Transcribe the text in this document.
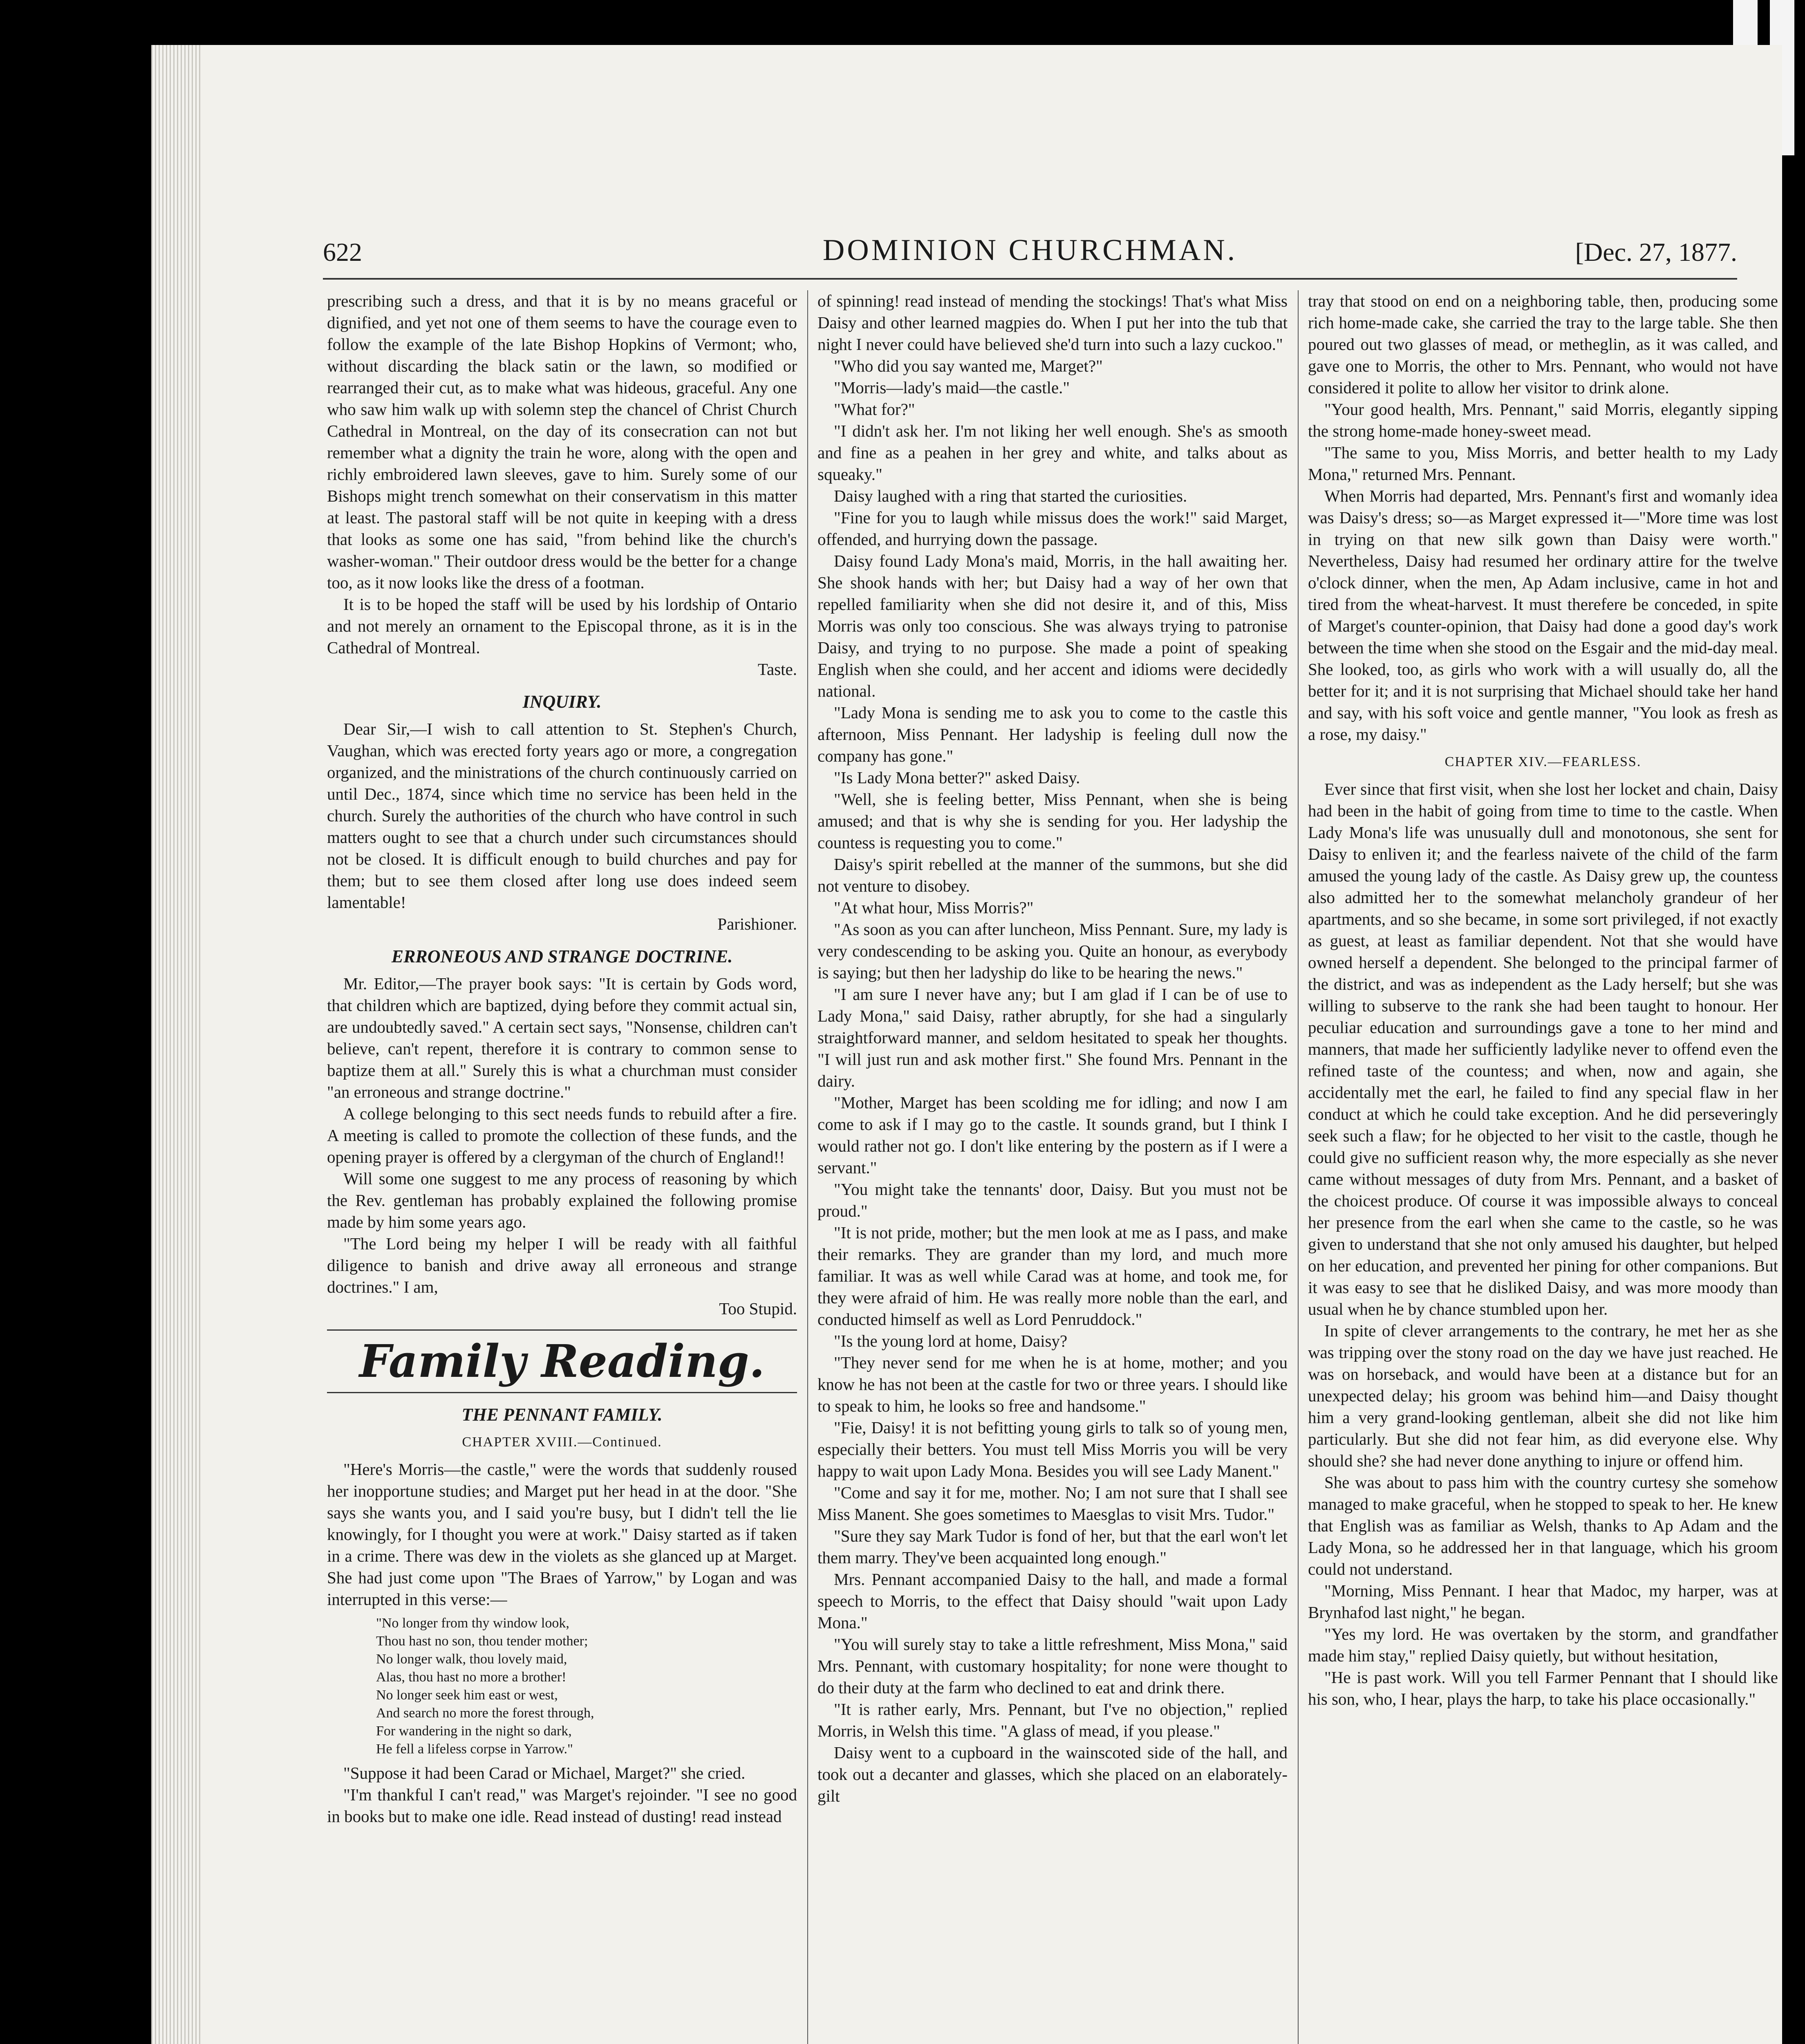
622	DOMINION CHURCHMAN.	[Dec. 27, 1877.

prescribing such a dress, and that it is by no means graceful or dignified, and yet not one of them seems to have the courage even to follow the example of the late Bishop Hopkins of Vermont; who, without discarding the black satin or the lawn, so modified or rearranged their cut, as to make what was hideous, graceful. Any one who saw him walk up with solemn step the chancel of Christ Church Cathedral in Montreal, on the day of its consecration can not but remember what a dignity the train he wore, along with the open and richly embroidered lawn sleeves, gave to him. Surely some of our Bishops might trench somewhat on their conservatism in this matter at least. The pastoral staff will be not quite in keeping with a dress that looks as some one has said, "from behind like the church's washer-woman." Their outdoor dress would be the better for a change too, as it now looks like the dress of a footman.

It is to be hoped the staff will be used by his lordship of Ontario and not merely an ornament to the Episcopal throne, as it is in the Cathedral of Montreal.

Taste.

INQUIRY.

Dear Sir,—I wish to call attention to St. Stephen's Church, Vaughan, which was erected forty years ago or more, a congregation organized, and the ministrations of the church continuously carried on until Dec., 1874, since which time no service has been held in the church. Surely the authorities of the church who have control in such matters ought to see that a church under such circumstances should not be closed. It is difficult enough to build churches and pay for them; but to see them closed after long use does indeed seem lamentable!

Parishioner.

ERRONEOUS AND STRANGE DOCTRINE.

Mr. Editor,—The prayer book says: "It is certain by Gods word, that children which are baptized, dying before they commit actual sin, are undoubtedly saved." A certain sect says, "Nonsense, children can't believe, can't repent, therefore it is contrary to common sense to baptize them at all." Surely this is what a churchman must consider "an erroneous and strange doctrine."

A college belonging to this sect needs funds to rebuild after a fire. A meeting is called to promote the collection of these funds, and the opening prayer is offered by a clergyman of the church of England!!

Will some one suggest to me any process of reasoning by which the Rev. gentleman has probably explained the following promise made by him some years ago.

"The Lord being my helper I will be ready with all faithful diligence to banish and drive away all erroneous and strange doctrines." I am,

Too Stupid.

Family Reading.
THE PENNANT FAMILY.
CHAPTER XVIII.—Continued.

"Here's Morris—the castle," were the words that suddenly roused her inopportune studies; and Marget put her head in at the door. "She says she wants you, and I said you're busy, but I didn't tell the lie knowingly, for I thought you were at work." Daisy started as if taken in a crime. There was dew in the violets as she glanced up at Marget. She had just come upon "The Braes of Yarrow," by Logan and was interrupted in this verse:—

"No longer from thy window look,
Thou hast no son, thou tender mother;
No longer walk, thou lovely maid,
Alas, thou hast no more a brother!
No longer seek him east or west,
And search no more the forest through,
For wandering in the night so dark,
He fell a lifeless corpse in Yarrow."

"Suppose it had been Carad or Michael, Marget?" she cried.

"I'm thankful I can't read," was Marget's rejoinder. "I see no good in books but to make one idle. Read instead of dusting! read instead

of spinning! read instead of mending the stockings! That's what Miss Daisy and other learned magpies do. When I put her into the tub that night I never could have believed she'd turn into such a lazy cuckoo."

"Who did you say wanted me, Marget?"

"Morris—lady's maid—the castle."

"What for?"

"I didn't ask her. I'm not liking her well enough. She's as smooth and fine as a peahen in her grey and white, and talks about as squeaky."

Daisy laughed with a ring that started the curiosities.

"Fine for you to laugh while missus does the work!" said Marget, offended, and hurrying down the passage.

Daisy found Lady Mona's maid, Morris, in the hall awaiting her. She shook hands with her; but Daisy had a way of her own that repelled familiarity when she did not desire it, and of this, Miss Morris was only too conscious. She was always trying to patronise Daisy, and trying to no purpose. She made a point of speaking English when she could, and her accent and idioms were decidedly national.

"Lady Mona is sending me to ask you to come to the castle this afternoon, Miss Pennant. Her ladyship is feeling dull now the company has gone."

"Is Lady Mona better?" asked Daisy.

"Well, she is feeling better, Miss Pennant, when she is being amused; and that is why she is sending for you. Her ladyship the countess is requesting you to come."

Daisy's spirit rebelled at the manner of the summons, but she did not venture to disobey.

"At what hour, Miss Morris?"

"As soon as you can after luncheon, Miss Pennant. Sure, my lady is very condescending to be asking you. Quite an honour, as everybody is saying; but then her ladyship do like to be hearing the news."

"I am sure I never have any; but I am glad if I can be of use to Lady Mona," said Daisy, rather abruptly, for she had a singularly straightforward manner, and seldom hesitated to speak her thoughts. "I will just run and ask mother first." She found Mrs. Pennant in the dairy.

"Mother, Marget has been scolding me for idling; and now I am come to ask if I may go to the castle. It sounds grand, but I think I would rather not go. I don't like entering by the postern as if I were a servant."

"You might take the tennants' door, Daisy. But you must not be proud."

"It is not pride, mother; but the men look at me as I pass, and make their remarks. They are grander than my lord, and much more familiar. It was as well while Carad was at home, and took me, for they were afraid of him. He was really more noble than the earl, and conducted himself as well as Lord Penruddock."

"Is the young lord at home, Daisy?

"They never send for me when he is at home, mother; and you know he has not been at the castle for two or three years. I should like to speak to him, he looks so free and handsome."

"Fie, Daisy! it is not befitting young girls to talk so of young men, especially their betters. You must tell Miss Morris you will be very happy to wait upon Lady Mona. Besides you will see Lady Manent."

"Come and say it for me, mother. No; I am not sure that I shall see Miss Manent. She goes sometimes to Maesglas to visit Mrs. Tudor."

"Sure they say Mark Tudor is fond of her, but that the earl won't let them marry. They've been acquainted long enough."

Mrs. Pennant accompanied Daisy to the hall, and made a formal speech to Morris, to the effect that Daisy should "wait upon Lady Mona."

"You will surely stay to take a little refreshment, Miss Mona," said Mrs. Pennant, with customary hospitality; for none were thought to do their duty at the farm who declined to eat and drink there.

"It is rather early, Mrs. Pennant, but I've no objection," replied Morris, in Welsh this time. "A glass of mead, if you please."

Daisy went to a cupboard in the wainscoted side of the hall, and took out a decanter and glasses, which she placed on an elaborately-gilt

tray that stood on end on a neighboring table, then, producing some rich home-made cake, she carried the tray to the large table. She then poured out two glasses of mead, or metheglin, as it was called, and gave one to Morris, the other to Mrs. Pennant, who would not have considered it polite to allow her visitor to drink alone.

"Your good health, Mrs. Pennant," said Morris, elegantly sipping the strong home-made honey-sweet mead.

"The same to you, Miss Morris, and better health to my Lady Mona," returned Mrs. Pennant.

When Morris had departed, Mrs. Pennant's first and womanly idea was Daisy's dress; so—as Marget expressed it—"More time was lost in trying on that new silk gown than Daisy were worth." Nevertheless, Daisy had resumed her ordinary attire for the twelve o'clock dinner, when the men, Ap Adam inclusive, came in hot and tired from the wheat-harvest. It must therefere be conceded, in spite of Marget's counter-opinion, that Daisy had done a good day's work between the time when she stood on the Esgair and the mid-day meal. She looked, too, as girls who work with a will usually do, all the better for it; and it is not surprising that Michael should take her hand and say, with his soft voice and gentle manner, "You look as fresh as a rose, my daisy."

CHAPTER XIV.—FEARLESS.

Ever since that first visit, when she lost her locket and chain, Daisy had been in the habit of going from time to time to the castle. When Lady Mona's life was unusually dull and monotonous, she sent for Daisy to enliven it; and the fearless naivete of the child of the farm amused the young lady of the castle. As Daisy grew up, the countess also admitted her to the somewhat melancholy grandeur of her apartments, and so she became, in some sort privileged, if not exactly as guest, at least as familiar dependent. Not that she would have owned herself a dependent. She belonged to the principal farmer of the district, and was as independent as the Lady herself; but she was willing to subserve to the rank she had been taught to honour. Her peculiar education and surroundings gave a tone to her mind and manners, that made her sufficiently ladylike never to offend even the refined taste of the countess; and when, now and again, she accidentally met the earl, he failed to find any special flaw in her conduct at which he could take exception. And he did perseveringly seek such a flaw; for he objected to her visit to the castle, though he could give no sufficient reason why, the more especially as she never came without messages of duty from Mrs. Pennant, and a basket of the choicest produce. Of course it was impossible always to conceal her presence from the earl when she came to the castle, so he was given to understand that she not only amused his daughter, but helped on her education, and prevented her pining for other companions. But it was easy to see that he disliked Daisy, and was more moody than usual when he by chance stumbled upon her.

In spite of clever arrangements to the contrary, he met her as she was tripping over the stony road on the day we have just reached. He was on horseback, and would have been at a distance but for an unexpected delay; his groom was behind him—and Daisy thought him a very grand-looking gentleman, albeit she did not like him particularly. But she did not fear him, as did everyone else. Why should she? she had never done anything to injure or offend him.

She was about to pass him with the country curtesy she somehow managed to make graceful, when he stopped to speak to her. He knew that English was as familiar as Welsh, thanks to Ap Adam and the Lady Mona, so he addressed her in that language, which his groom could not understand.

"Morning, Miss Pennant. I hear that Madoc, my harper, was at Brynhafod last night," he began.

"Yes my lord. He was overtaken by the storm, and grandfather made him stay," replied Daisy quietly, but without hesitation,

"He is past work. Will you tell Farmer Pennant that I should like his son, who, I hear, plays the harp, to take his place occasionally."
